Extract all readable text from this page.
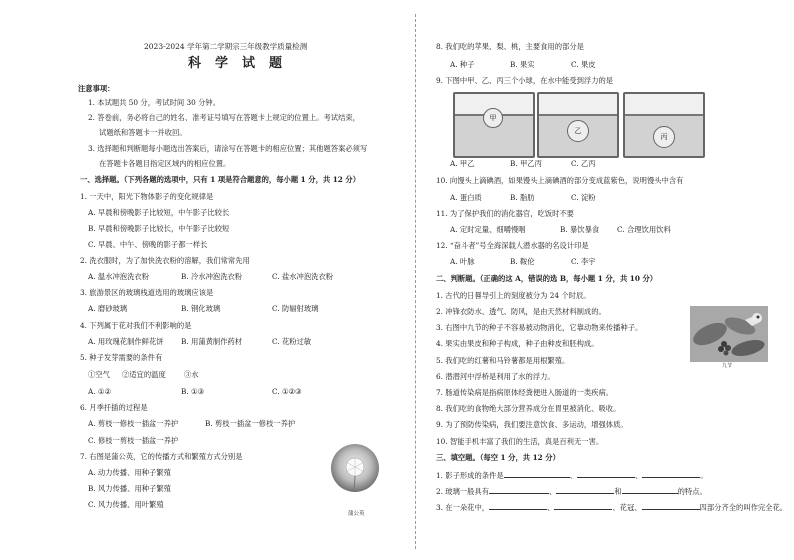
2023-2024 学年第二学期宗三年级教学质量检测
科学试题
注意事项：
1. 本试题共 50 分，考试时间 30 分钟。
2. 答卷前，务必将自己的姓名、准考证号填写在答题卡上规定的位置上。考试结束，
试题纸和答题卡一并收回。
3. 选择题和判断题每小题选出答案后，请涂写在答题卡的相应位置；其他题答案必须写
在答题卡各题目指定区域内的相应位置。
一、选择题。（下列各题的选项中，只有 1 项是符合题意的，每小题 1 分，共 12 分）
1. 一天中，阳光下物体影子的变化规律是
A. 早晨和傍晚影子比较短，中午影子比较长
B. 早晨和傍晚影子比较长，中午影子比较短
C. 早晨、中午、傍晚的影子都一样长
2. 洗衣服时，为了加快洗衣粉的溶解，我们常常先用
A. 温水冲泡洗衣粉	B. 冷水冲泡洗衣粉	C. 盐水冲泡洗衣粉
3. 旅游景区的玻璃栈道选用的玻璃应该是
A. 磨砂玻璃	B. 钢化玻璃	C. 防辐射玻璃
4. 下列属于花对我们不利影响的是
A. 用玫瑰花制作鲜花饼 B. 用蒲黄制作药材	C. 花粉过敏
5. 种子发芽需要的条件有
①空气 ②适宜的温度 ③水
A. ①②	B. ①③	C. ①②③
6. 月季扦插的过程是
A. 剪枝一修枝一插盆一养护	B. 剪枝一插盆一修枝一养护
C. 修枝一剪枝一插盆一养护
7. 右图是蒲公英，它的传播方式和繁殖方式分别是
A. 动力传播、用种子繁殖
B. 风力传播、用种子繁殖
C. 风力传播、用叶繁殖
蒲公英
8. 我们吃的苹果、梨、桃，主要食用的部分是
A. 种子	B. 果实	C. 果皮
9. 下图中甲、乙、丙三个小球，在水中能受到浮力的是
甲
乙
丙
A. 甲乙	B. 甲乙丙	C. 乙丙
10. 向馒头上滴碘酒，如果馒头上滴碘酒的部分变成蓝紫色，说明馒头中含有
A. 蛋白质	B. 脂肪	C. 淀粉
11. 为了保护我们的消化器官，吃饭时不要
A. 定时定量、细嚼慢咽	B. 暴饮暴食 C. 合理饮用饮料
12. “奋斗者”号全海深载人潜水器的名设计印是
A. 叶脉	B. 鞍伦	C. 李宇
二、判断题。（正确的这 A，错误的选 B，每小题 1 分，共 10 分）
1. 古代的日晷导引上的刻度被分为 24 个时辰。
2. 冲锋衣防水、透气、防风，是由天然材料制成的。
3. 右图中九节的种子不容易被动物消化，它靠动物来传播种子。
4. 果实由果皮和种子构成，种子由种皮和胚构成。
5. 我们吃的红薯和马铃薯都是用根繁殖。
6. 潜潜河中浮桥是利用了水的浮力。
7. 肠道传染病是指病原体经粪便进入肠道的一类疾病。
8. 我们吃的食物绝大部分营养成分在胃里被消化、吸收。
9. 为了预防传染病，我们要注意饮食、多运动，增强体质。
10. 智能手机丰富了我们的生活，真是百利无一害。
九节
三、填空题。（每空 1 分，共 12 分）
1. 影子形成的条件是	、	、	。
2. 玻璃一般具有	、	和	的特点。
3. 在一朵花中，	、	、花冠、	四部分齐全的叫作完全花。
